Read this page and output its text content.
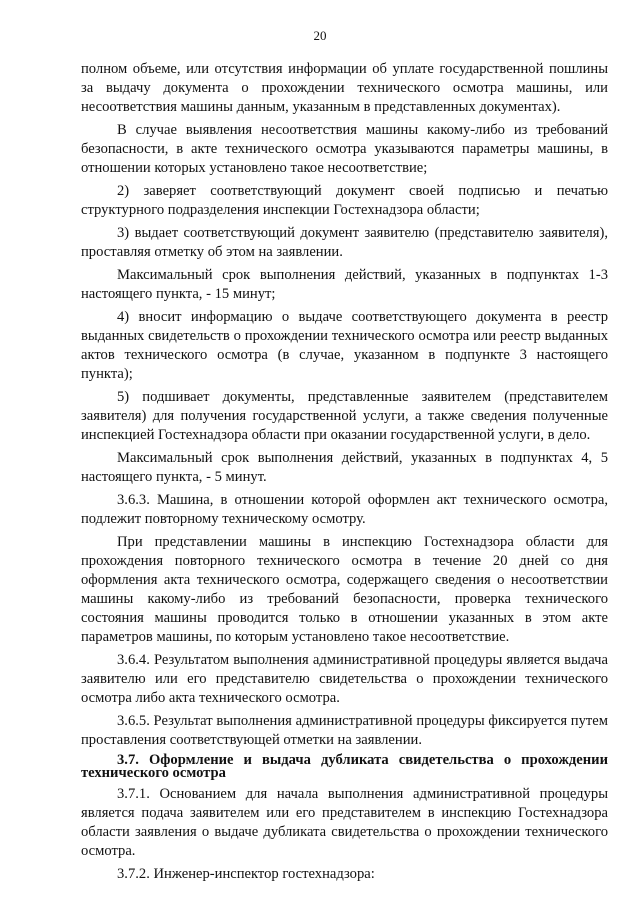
20

полном объеме, или отсутствия информации об уплате государственной пошлины за выдачу документа о прохождении технического осмотра машины, или несоответствия машины данным, указанным в представленных документах).

В случае выявления несоответствия машины какому-либо из требований безопасности, в акте технического осмотра указываются параметры машины, в отношении которых установлено такое несоответствие;

2) заверяет соответствующий документ своей подписью и печатью структурного подразделения инспекции Гостехнадзора области;

3) выдает соответствующий документ заявителю (представителю заявителя), проставляя отметку об этом на заявлении.

Максимальный срок выполнения действий, указанных в подпунктах 1-3 настоящего пункта, - 15 минут;

4) вносит информацию о выдаче соответствующего документа в реестр выданных свидетельств о прохождении технического осмотра или реестр выданных актов технического осмотра (в случае, указанном в подпункте 3 настоящего пункта);

5) подшивает документы, представленные заявителем (представителем заявителя) для получения государственной услуги, а также сведения полученные инспекцией Гостехнадзора области при оказании государственной услуги, в дело.

Максимальный срок выполнения действий, указанных в подпунктах 4, 5 настоящего пункта, - 5 минут.

3.6.3. Машина, в отношении которой оформлен акт технического осмотра, подлежит повторному техническому осмотру.

При представлении машины в инспекцию Гостехнадзора области для прохождения повторного технического осмотра в течение 20 дней со дня оформления акта технического осмотра, содержащего сведения о несоответствии машины какому-либо из требований безопасности, проверка технического состояния машины проводится только в отношении указанных в этом акте параметров машины, по которым установлено такое несоответствие.

3.6.4. Результатом выполнения административной процедуры является выдача заявителю или его представителю свидетельства о прохождении технического осмотра либо акта технического осмотра.

3.6.5. Результат выполнения административной процедуры фиксируется путем проставления соответствующей отметки на заявлении.

3.7. Оформление и выдача дубликата свидетельства о прохождении технического осмотра

3.7.1. Основанием для начала выполнения административной процедуры является подача заявителем или его представителем в инспекцию Гостехнадзора области заявления о выдаче дубликата свидетельства о прохождении технического осмотра.

3.7.2. Инженер-инспектор гостехнадзора:
